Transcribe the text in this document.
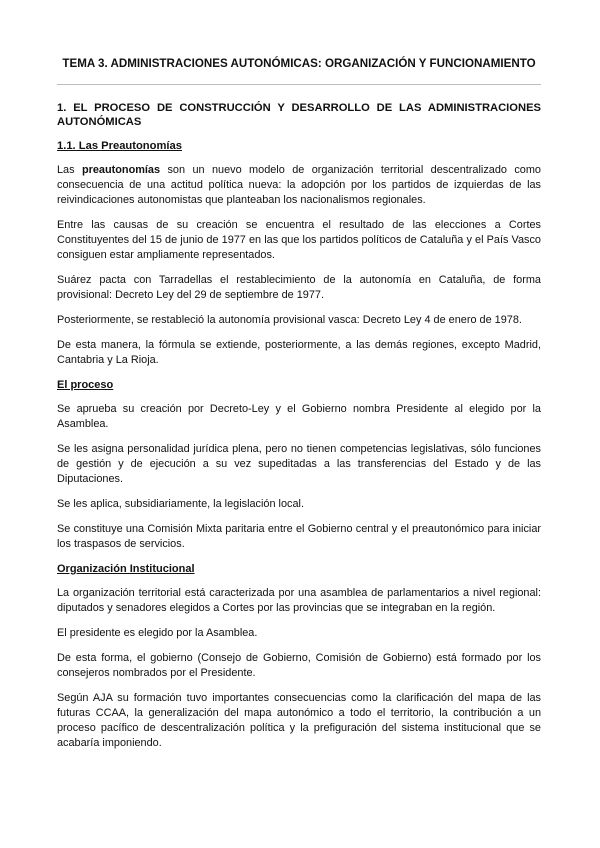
TEMA 3. ADMINISTRACIONES AUTONÓMICAS: ORGANIZACIÓN Y FUNCIONAMIENTO
1. EL PROCESO DE CONSTRUCCIÓN Y DESARROLLO DE LAS ADMINISTRACIONES AUTONÓMICAS
1.1. Las Preautonomías

Las preautonomías son un nuevo modelo de organización territorial descentralizado como consecuencia de una actitud política nueva: la adopción por los partidos de izquierdas de las reivindicaciones autonomistas que planteaban los nacionalismos regionales.

Entre las causas de su creación se encuentra el resultado de las elecciones a Cortes Constituyentes del 15 de junio de 1977 en las que los partidos políticos de Cataluña y el País Vasco consiguen estar ampliamente representados.

Suárez pacta con Tarradellas el restablecimiento de la autonomía en Cataluña, de forma provisional: Decreto Ley del 29 de septiembre de 1977.

Posteriormente, se restableció la autonomía provisional vasca: Decreto Ley 4 de enero de 1978.

De esta manera, la fórmula se extiende, posteriormente, a las demás regiones, excepto Madrid, Cantabria y La Rioja.

El proceso

Se aprueba su creación por Decreto-Ley y el Gobierno nombra Presidente al elegido por la Asamblea.

Se les asigna personalidad jurídica plena, pero no tienen competencias legislativas, sólo funciones de gestión y de ejecución a su vez supeditadas a las transferencias del Estado y de las Diputaciones.

Se les aplica, subsidiariamente, la legislación local.

Se constituye una Comisión Mixta paritaria entre el Gobierno central y el preautonómico para iniciar los traspasos de servicios.

Organización Institucional

La organización territorial está caracterizada por una asamblea de parlamentarios a nivel regional: diputados y senadores elegidos a Cortes por las provincias que se integraban en la región.

El presidente es elegido por la Asamblea.

De esta forma, el gobierno (Consejo de Gobierno, Comisión de Gobierno) está formado por los consejeros nombrados por el Presidente.

Según AJA su formación tuvo importantes consecuencias como la clarificación del mapa de las futuras CCAA, la generalización del mapa autonómico a todo el territorio, la contribución a un proceso pacífico de descentralización política y la prefiguración del sistema institucional que se acabaría imponiendo.
